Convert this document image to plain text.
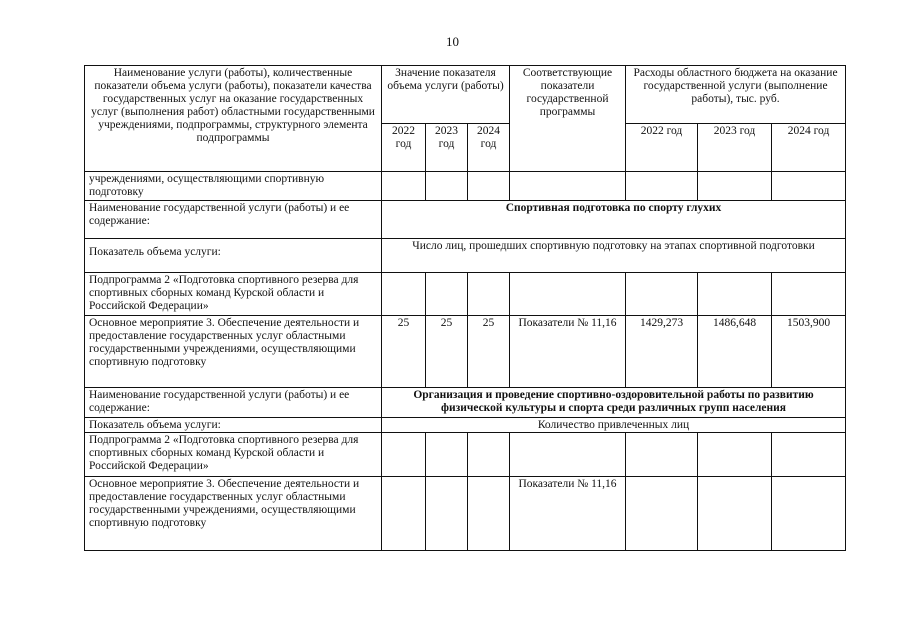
10
Наименование услуги (работы), количественные показатели объема услуги (работы), показатели качества государственных услуг на оказание государственных услуг (выполнения работ) областными государственными учреждениями, подпрограммы, структурного элемента подпрограммы	Значение показателя объема услуги (работы)			Соответствующие показатели государственной программы	Расходы областного бюджета на оказание государственной услуги (выполнение работы), тыс. руб.		
	2022 год	2023 год	2024 год		2022 год	2023 год	2024 год
учреждениями, осуществляющими спортивную подготовку							
Наименование государственной услуги (работы) и ее содержание:	Спортивная подготовка по спорту глухих						
Показатель объема услуги:	Число лиц, прошедших спортивную подготовку на этапах спортивной подготовки						
Подпрограмма 2 «Подготовка спортивного резерва для спортивных сборных команд Курской области и Российской Федерации»							
Основное мероприятие 3. Обеспечение деятельности и предоставление государственных услуг областными государственными учреждениями, осуществляющими спортивную подготовку	25	25	25	Показатели № 11,16	1429,273	1486,648	1503,900
Наименование государственной услуги (работы) и ее содержание:	Организация и проведение спортивно-оздоровительной работы по развитию физической культуры и спорта среди различных групп населения						
Показатель объема услуги:	Количество привлеченных лиц						
Подпрограмма 2 «Подготовка спортивного резерва для спортивных сборных команд Курской области и Российской Федерации»							
Основное мероприятие 3. Обеспечение деятельности и предоставление государственных услуг областными государственными учреждениями, осуществляющими спортивную подготовку				Показатели № 11,16			
